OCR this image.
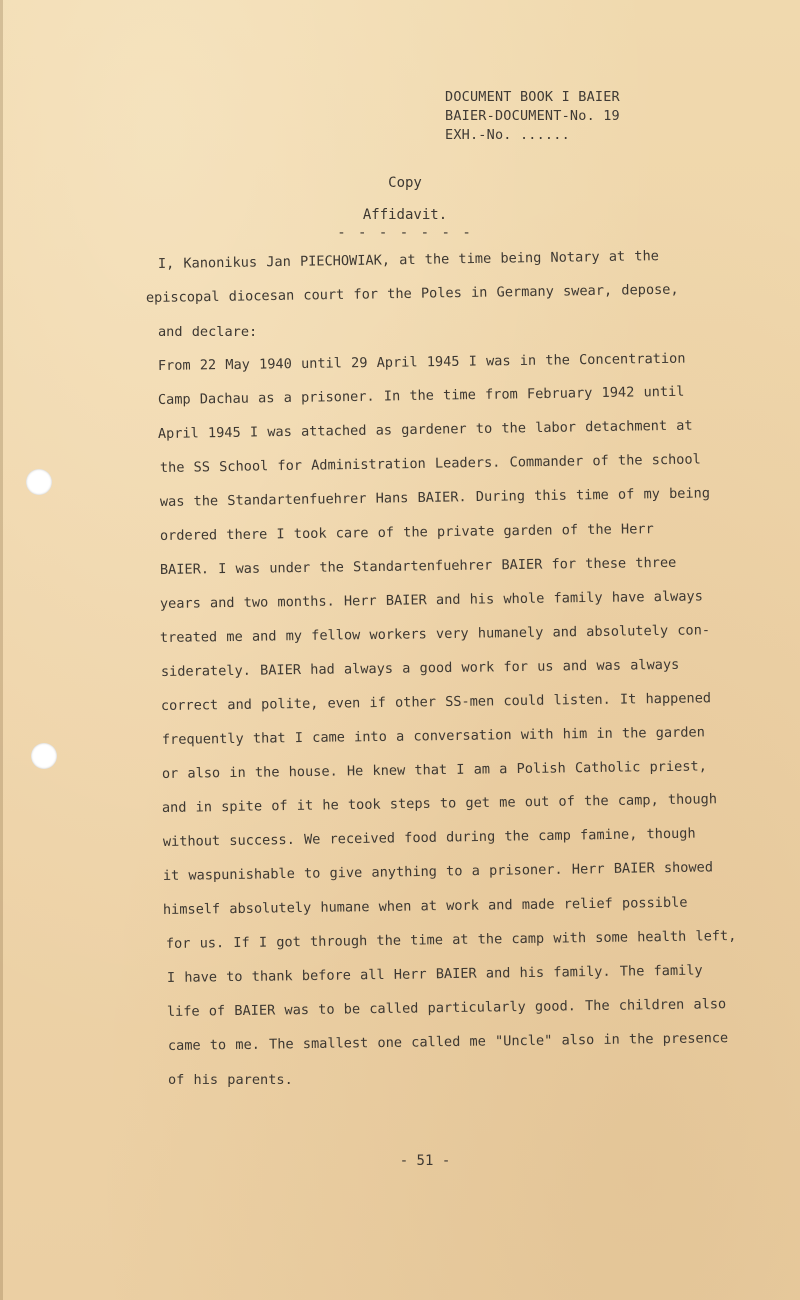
DOCUMENT BOOK I BAIER
BAIER-DOCUMENT-No. 19
EXH.-No. ......
Copy
Affidavit.
- - - - - - -
I, Kanonikus Jan PIECHOWIAK, at the time being Notary at the
episcopal diocesan court for the Poles in Germany swear, depose,
and declare:
From 22 May 1940 until 29 April 1945 I was in the Concentration
Camp Dachau as a prisoner. In the time from February 1942 until
April 1945 I was attached as gardener to the labor detachment at
the SS School for Administration Leaders. Commander of the school
was the Standartenfuehrer Hans BAIER. During this time of my being
ordered there I took care of the private garden of the Herr
BAIER. I was under the Standartenfuehrer BAIER for these three
years and two months. Herr BAIER and his whole family have always
treated me and my fellow workers very humanely and absolutely con-
siderately. BAIER had always a good work for us and was always
correct and polite, even if other SS-men could listen. It happened
frequently that I came into a conversation with him in the garden
or also in the house. He knew that I am a Polish Catholic priest,
and in spite of it he took steps to get me out of the camp, though
without success. We received food during the camp famine, though
it waspunishable to give anything to a prisoner. Herr BAIER showed
himself absolutely humane when at work and made relief possible
for us. If I got through the time at the camp with some health left,
I have to thank before all Herr BAIER and his family. The family
life of BAIER was to be called particularly good. The children also
came to me. The smallest one called me "Uncle" also in the presence
of his parents.
- 51 -
